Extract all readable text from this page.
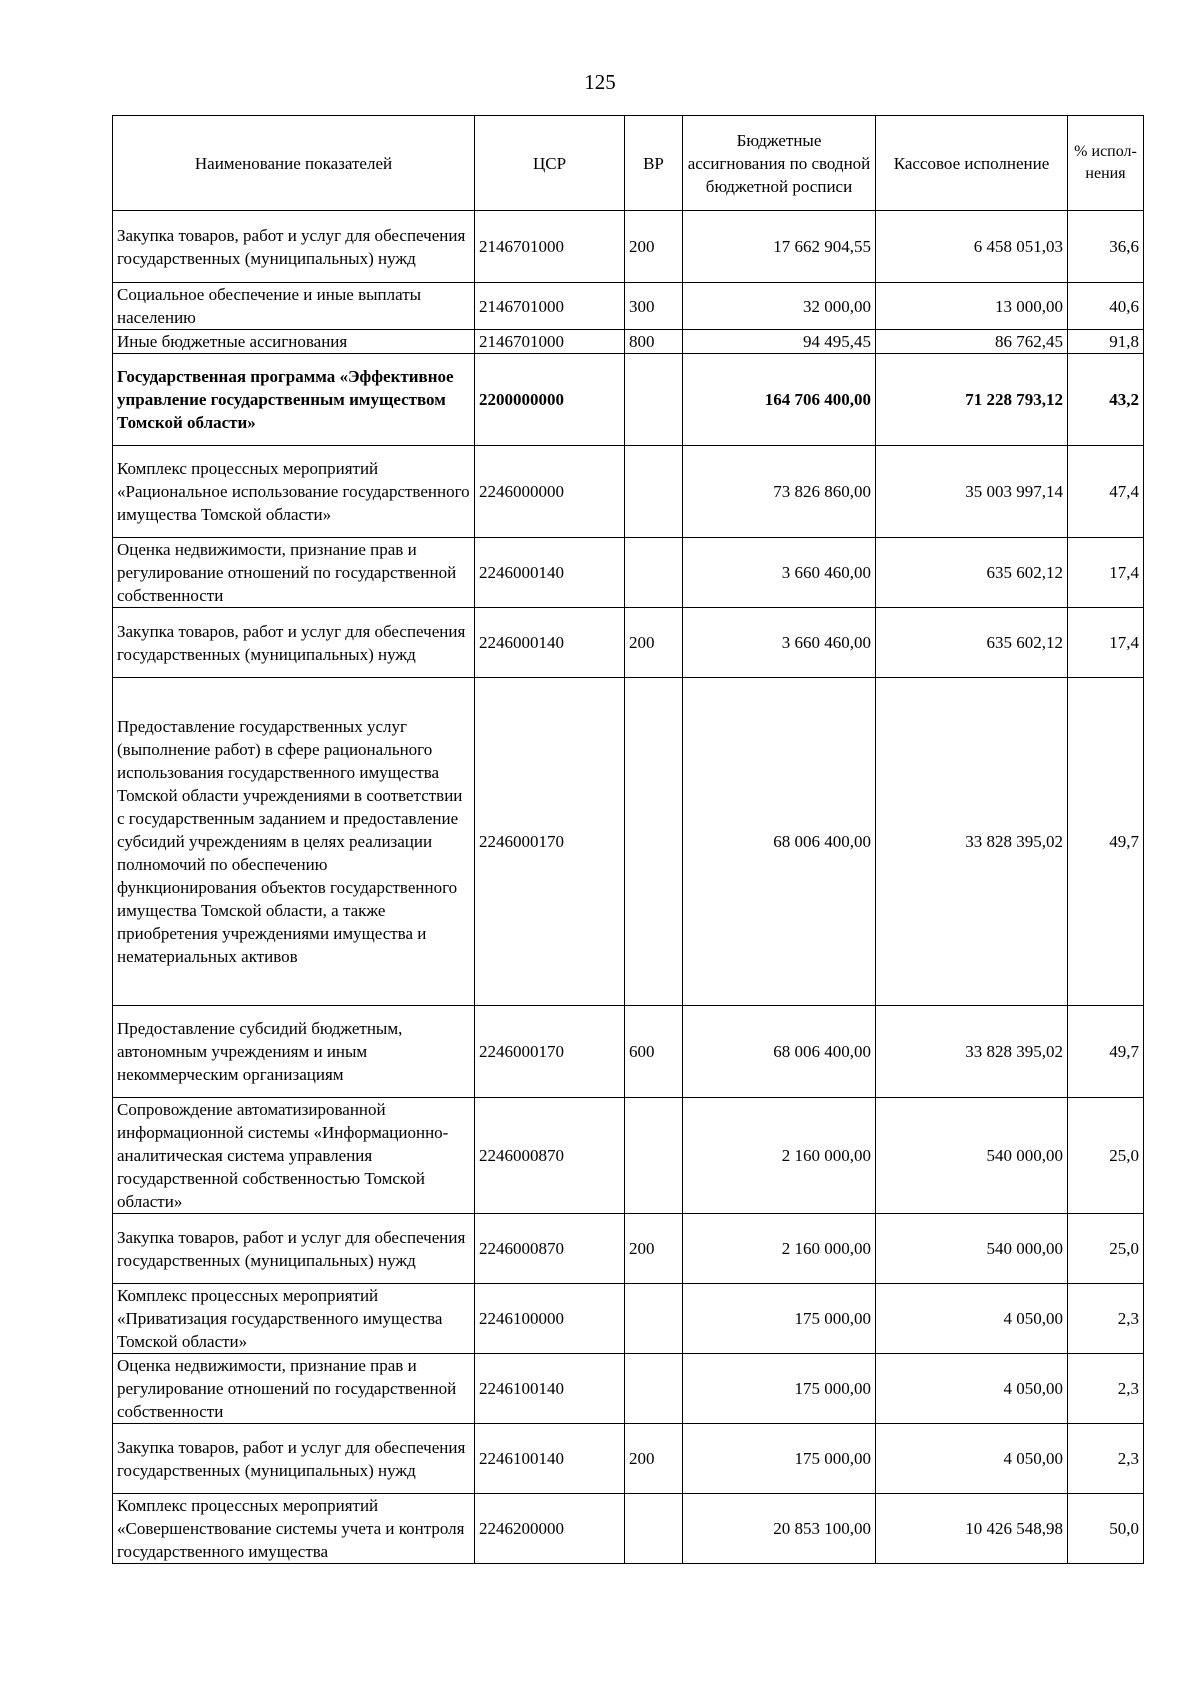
125
Наименование показателей	ЦСР	ВР	Бюджетные ассигнования по сводной бюджетной росписи	Кассовое исполнение	% испол-нения
Закупка товаров, работ и услуг для обеспечения государственных (муниципальных) нужд	2146701000	200	17 662 904,55	6 458 051,03	36,6
Социальное обеспечение и иные выплаты населению	2146701000	300	32 000,00	13 000,00	40,6
Иные бюджетные ассигнования	2146701000	800	94 495,45	86 762,45	91,8
Государственная программа «Эффективное управление государственным имуществом Томской области»	2200000000		164 706 400,00	71 228 793,12	43,2
Комплекс процессных мероприятий «Рациональное использование государственного имущества Томской области»	2246000000		73 826 860,00	35 003 997,14	47,4
Оценка недвижимости, признание прав и регулирование отношений по государственной собственности	2246000140		3 660 460,00	635 602,12	17,4
Закупка товаров, работ и услуг для обеспечения государственных (муниципальных) нужд	2246000140	200	3 660 460,00	635 602,12	17,4
Предоставление государственных услуг (выполнение работ) в сфере рационального использования государственного имущества Томской области учреждениями в соответствии с государственным заданием и предоставление субсидий учреждениям в целях реализации полномочий по обеспечению функционирования объектов государственного имущества Томской области, а также приобретения учреждениями имущества и нематериальных активов	2246000170		68 006 400,00	33 828 395,02	49,7
Предоставление субсидий бюджетным, автономным учреждениям и иным некоммерческим организациям	2246000170	600	68 006 400,00	33 828 395,02	49,7
Сопровождение автоматизированной информационной системы «Информационно-аналитическая система управления государственной собственностью Томской области»	2246000870		2 160 000,00	540 000,00	25,0
Закупка товаров, работ и услуг для обеспечения государственных (муниципальных) нужд	2246000870	200	2 160 000,00	540 000,00	25,0
Комплекс процессных мероприятий «Приватизация государственного имущества Томской области»	2246100000		175 000,00	4 050,00	2,3
Оценка недвижимости, признание прав и регулирование отношений по государственной собственности	2246100140		175 000,00	4 050,00	2,3
Закупка товаров, работ и услуг для обеспечения государственных (муниципальных) нужд	2246100140	200	175 000,00	4 050,00	2,3
Комплекс процессных мероприятий «Совершенствование системы учета и контроля государственного имущества	2246200000		20 853 100,00	10 426 548,98	50,0
